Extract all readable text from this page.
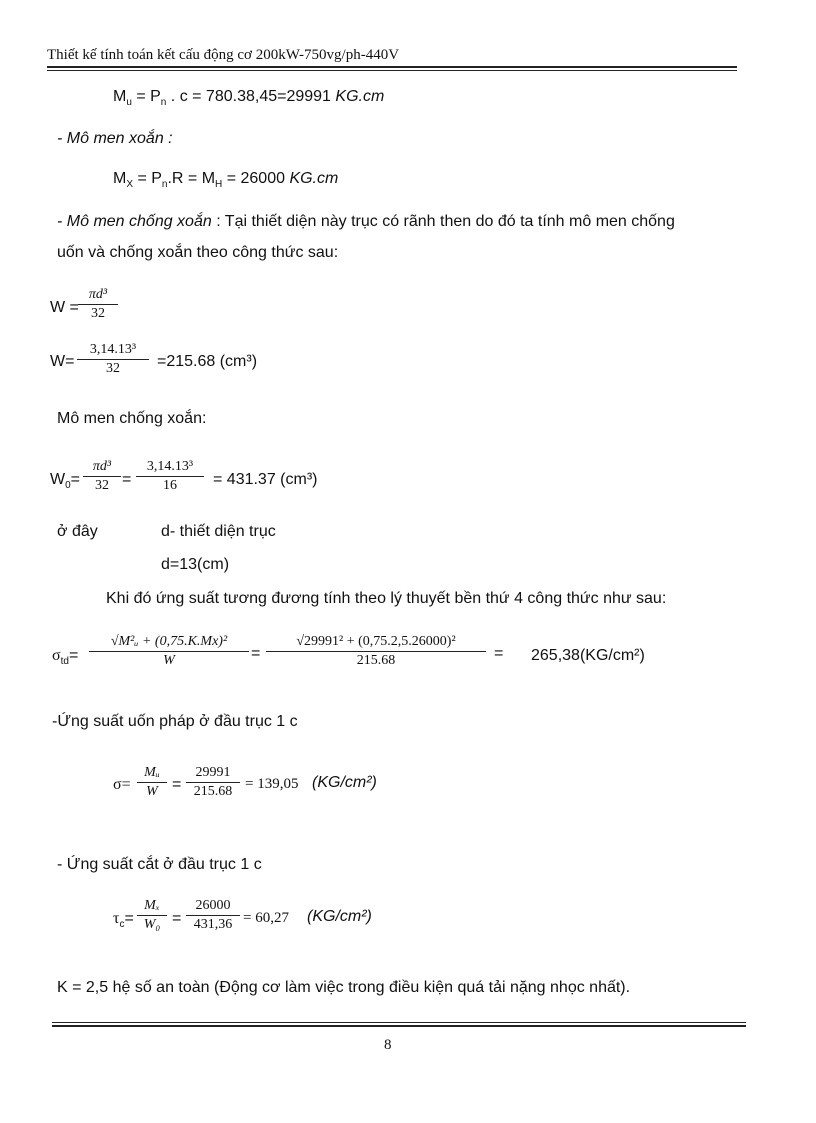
Thiết kế tính toán kết cấu động cơ 200kW-750vg/ph-440V
$M_u = P_n$ . c = 780.38,45=29991 KG.cm
- Mô men xoắn :
$M_X = P_n.R = M_H = 26000$ KG.cm
- Mô men chống xoắn : Tại thiết diện này trục có rãnh then do đó ta tính mô men chống
uốn và chống xoắn theo công thức sau:
W =
πd³
32
W=
3,14.13³
32	=215.68 (cm³)
Mô men chống xoắn:
$W_0=$
πd³
32 =
3,14.13³
16	= 431.37 (cm³)
ở đây	d- thiết diện trục
d=13(cm)
Khi đó ứng suất tương đương tính theo lý thuyết bền thứ 4 công thức như sau:
$\sigma_{td}=$
√M²ᵤ + (0,75.K.Mx)²
W	=
√29991² + (0,75.2,5.26000)²
215.68	= 265,38(KG/cm²)
-Ứng suất uốn pháp ở đầu trục 1 c
σ=
Mᵤ
W =
29991
215.68 = 139,05 (KG/cm²)
- Ứng suất cắt ở đầu trục 1 c
$\tau_c=$
Mₓ
W₀ =
26000
431,36 = 60,27 (KG/cm²)
K = 2,5 hệ số an toàn (Động cơ làm việc trong điều kiện quá tải nặng nhọc nhất).
8
